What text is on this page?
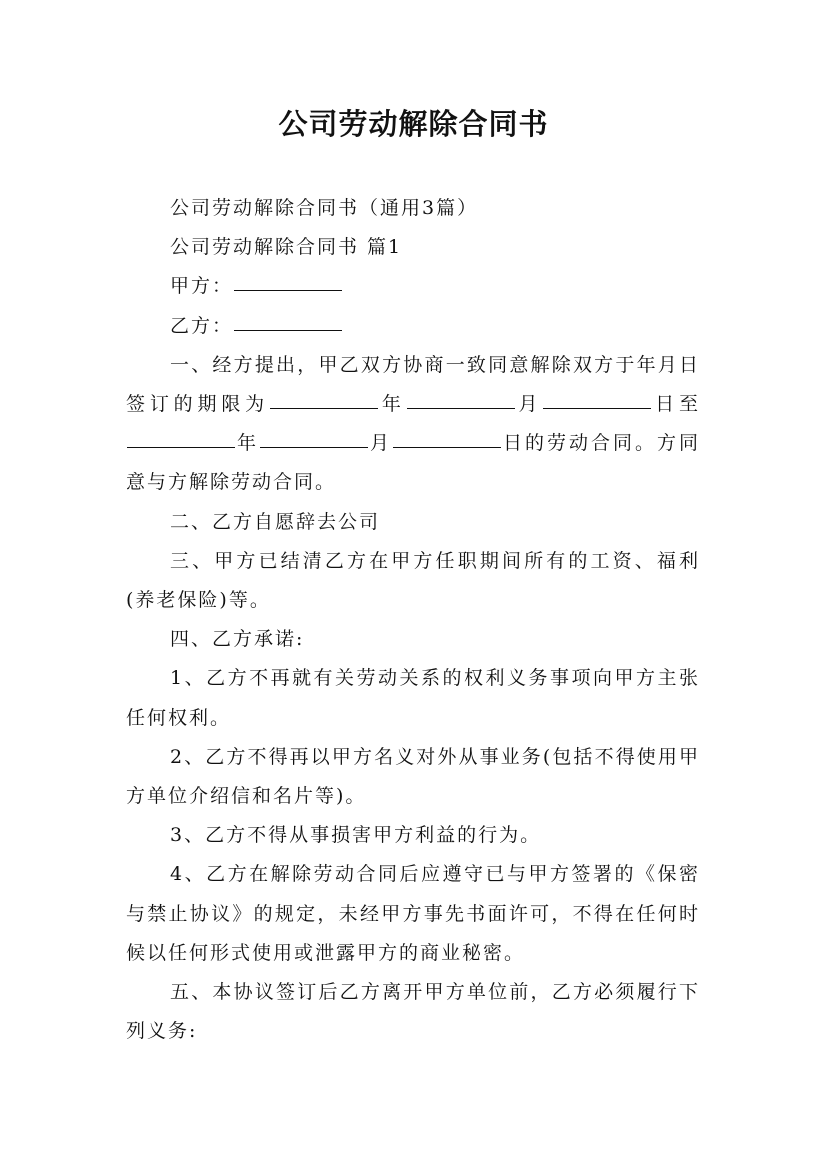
公司劳动解除合同书

公司劳动解除合同书（通用3篇）

公司劳动解除合同书 篇1

甲方：

乙方：

一、经方提出，甲乙双方协商一致同意解除双方于年月日签订的期限为	年	月	日至年	月	日的劳动合同。方同意与方解除劳动合同。

二、乙方自愿辞去公司

三、甲方已结清乙方在甲方任职期间所有的工资、福利(养老保险)等。

四、乙方承诺:

1、乙方不再就有关劳动关系的权利义务事项向甲方主张任何权利。

2、乙方不得再以甲方名义对外从事业务(包括不得使用甲方单位介绍信和名片等)。

3、乙方不得从事损害甲方利益的行为。

4、乙方在解除劳动合同后应遵守已与甲方签署的《保密与禁止协议》的规定，未经甲方事先书面许可，不得在任何时候以任何形式使用或泄露甲方的商业秘密。

五、本协议签订后乙方离开甲方单位前，乙方必须履行下列义务:
